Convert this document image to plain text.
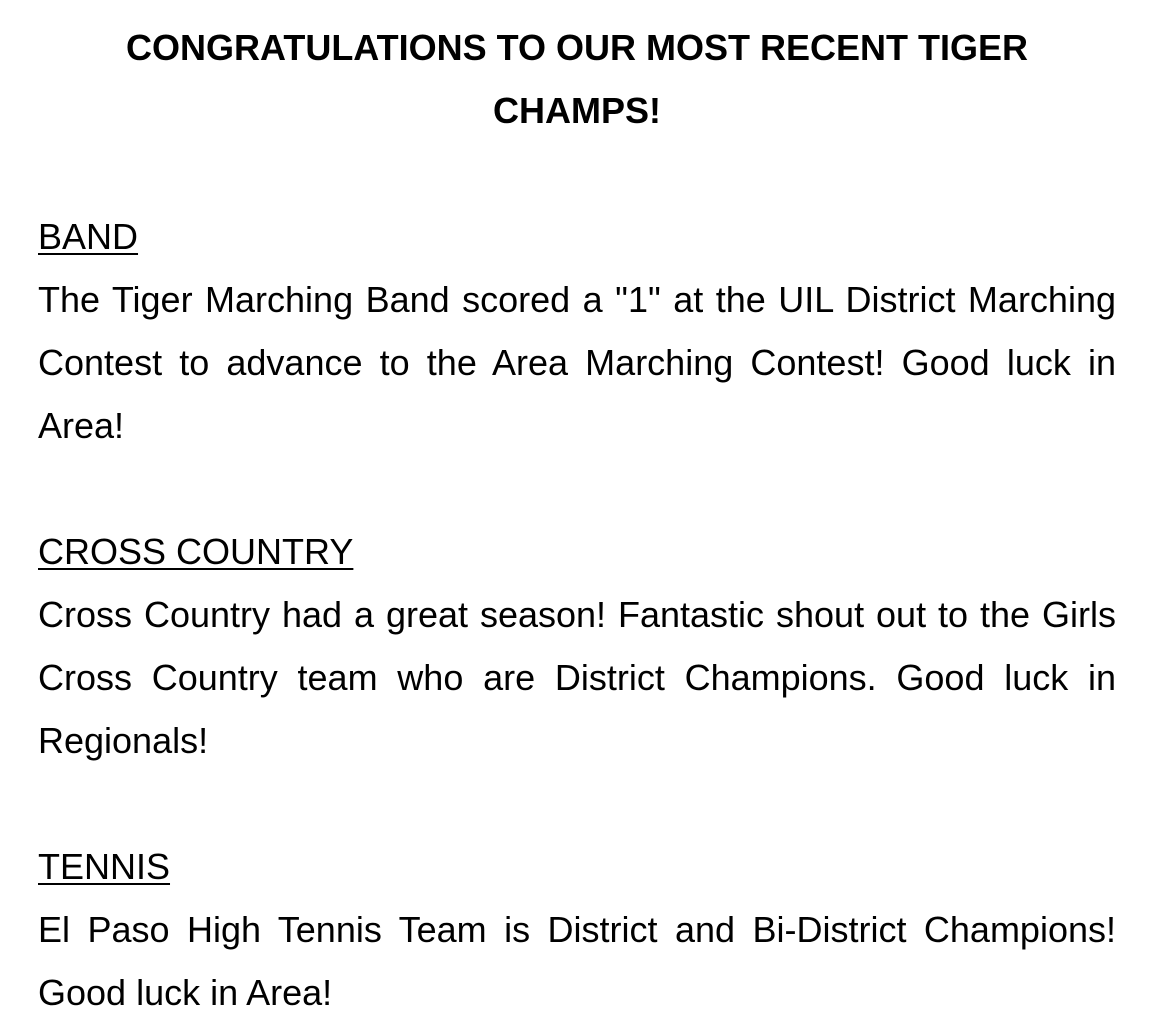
CONGRATULATIONS TO OUR MOST RECENT TIGER CHAMPS!

BAND

The Tiger Marching Band scored a "1" at the UIL District Marching Contest to advance to the Area Marching Contest! Good luck in Area!

CROSS COUNTRY

Cross Country had a great season! Fantastic shout out to the Girls Cross Country team who are District Champions. Good luck in Regionals!

TENNIS

El Paso High Tennis Team is District and Bi-District Champions! Good luck in Area!
